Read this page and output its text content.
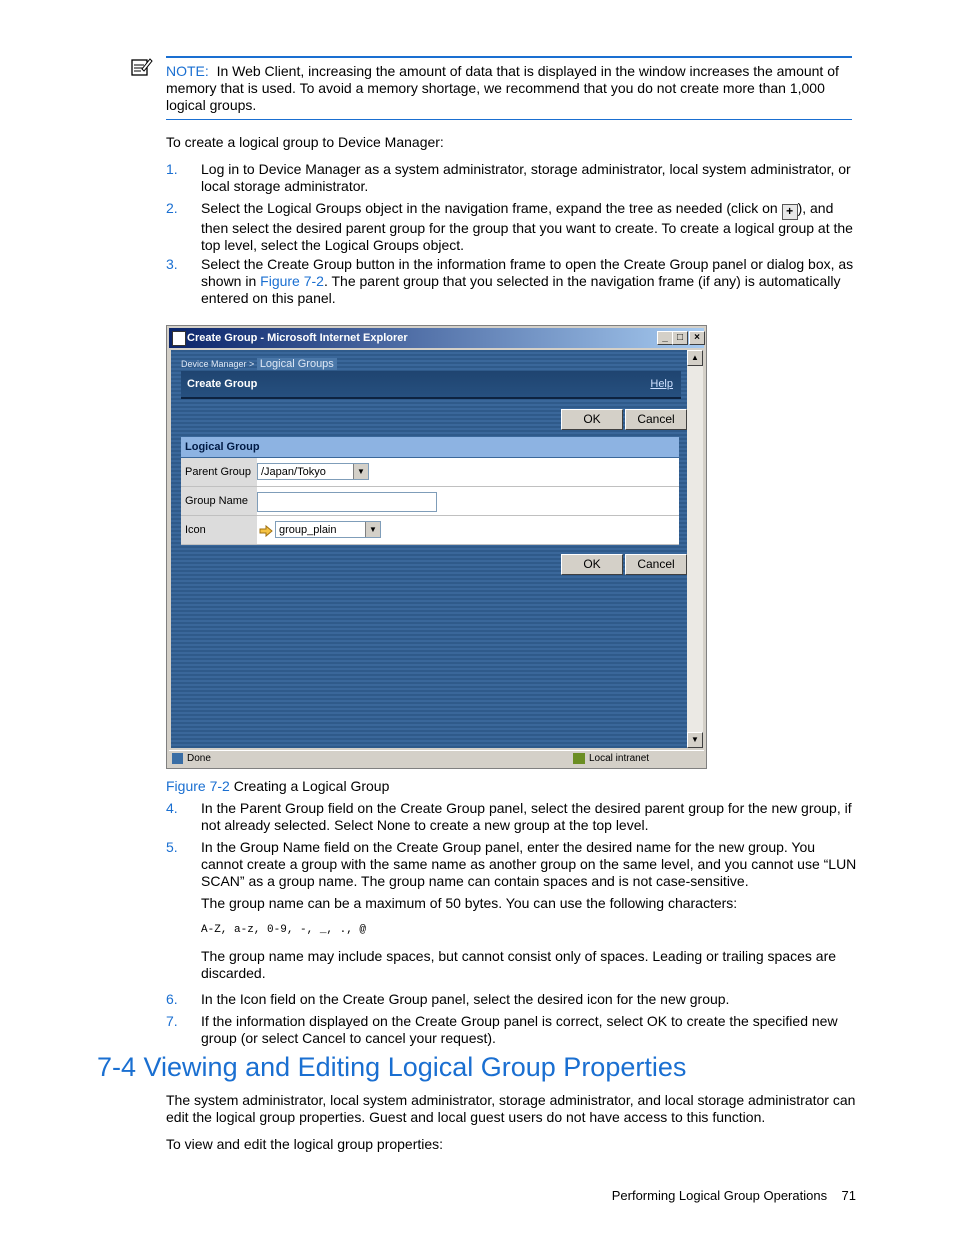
NOTE: In Web Client, increasing the amount of data that is displayed in the window increases the amount of memory that is used. To avoid a memory shortage, we recommend that you do not create more than 1,000 logical groups.

To create a logical group to Device Manager:

1. Log in to Device Manager as a system administrator, storage administrator, local system administrator, or local storage administrator.
2. Select the Logical Groups object in the navigation frame, expand the tree as needed (click on + ), and then select the desired parent group for the group that you want to create. To create a logical group at the top level, select the Logical Groups object.
3. Select the Create Group button in the information frame to open the Create Group panel or dialog box, as shown in Figure 7-2. The parent group that you selected in the navigation frame (if any) is automatically entered on this panel.
Create Group - Microsoft Internet Explorer	_ □	×
Device Manager > Logical Groups
Create Group	Help
OK	Cancel
Logical Group
Parent Group /Japan/Tokyo	▼
Group Name
Icon	group_plain	▼
OK	Cancel
▲
▼
Done	Local intranet

Figure 7-2 Creating a Logical Group

4. In the Parent Group field on the Create Group panel, select the desired parent group for the new group, if not already selected. Select None to create a new group at the top level.
5. In the Group Name field on the Create Group panel, enter the desired name for the new group. You cannot create a group with the same name as another group on the same level, and you cannot use “LUN SCAN” as a group name. The group name can contain spaces and is not case-sensitive.

The group name can be a maximum of 50 bytes. You can use the following characters:

A-Z, a-z, 0-9, -, _, ., @

The group name may include spaces, but cannot consist only of spaces. Leading or trailing spaces are discarded.

6. In the Icon field on the Create Group panel, select the desired icon for the new group.
7. If the information displayed on the Create Group panel is correct, select OK to create the specified new group (or select Cancel to cancel your request).
7-4 Viewing and Editing Logical Group Properties

The system administrator, local system administrator, storage administrator, and local storage administrator can edit the logical group properties. Guest and local guest users do not have access to this function.

To view and edit the logical group properties:

Performing Logical Group Operations 71
